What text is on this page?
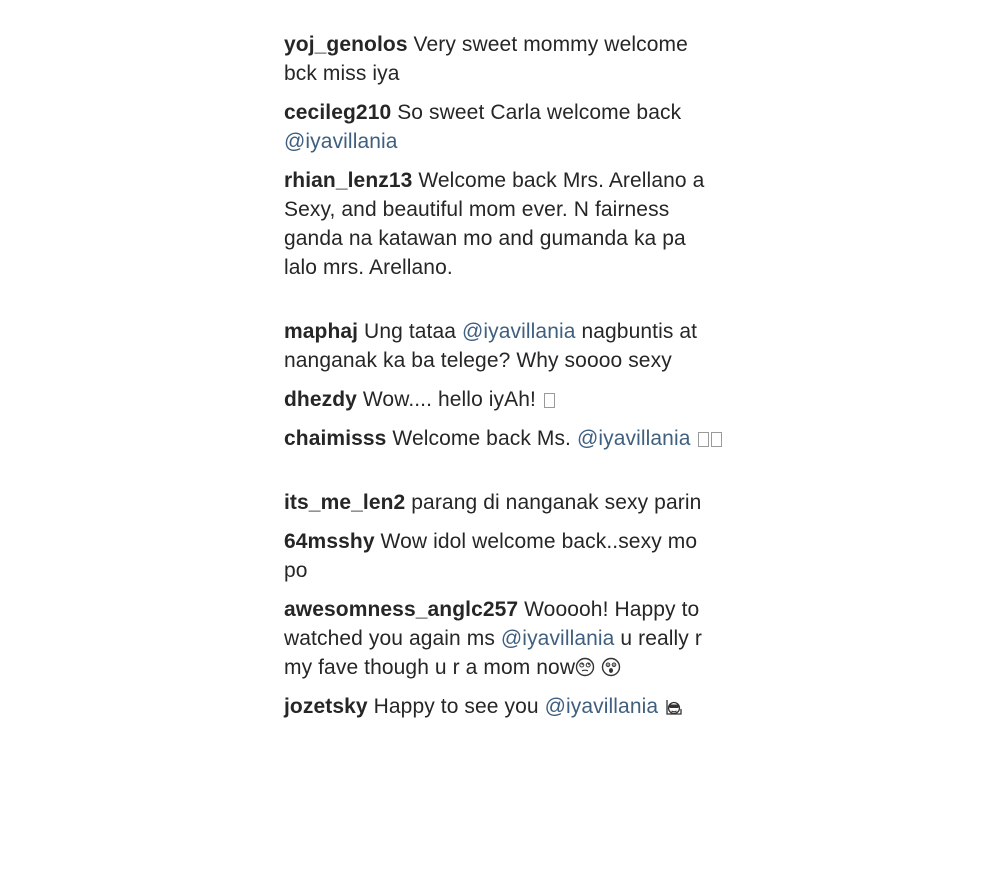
yoj_genolos Very sweet mommy welcome bck miss iya
cecileg210 So sweet Carla welcome back @iyavillania
rhian_lenz13 Welcome back Mrs. Arellano a Sexy, and beautiful mom ever. N fairness ganda na katawan mo and gumanda ka pa lalo mrs. Arellano.
maphaj Ung tataa @iyavillania nagbuntis at nanganak ka ba telege? Why soooo sexy
dhezdy Wow.... hello iyAh!
chaimisss Welcome back Ms. @iyavillania
its_me_len2 parang di nanganak sexy parin
64msshy Wow idol welcome back..sexy mo po
awesomness_anglc257 Wooooh! Happy to watched you again ms @iyavillania u really r my fave though u r a mom now

jozetsky Happy to see you @iyavillania
